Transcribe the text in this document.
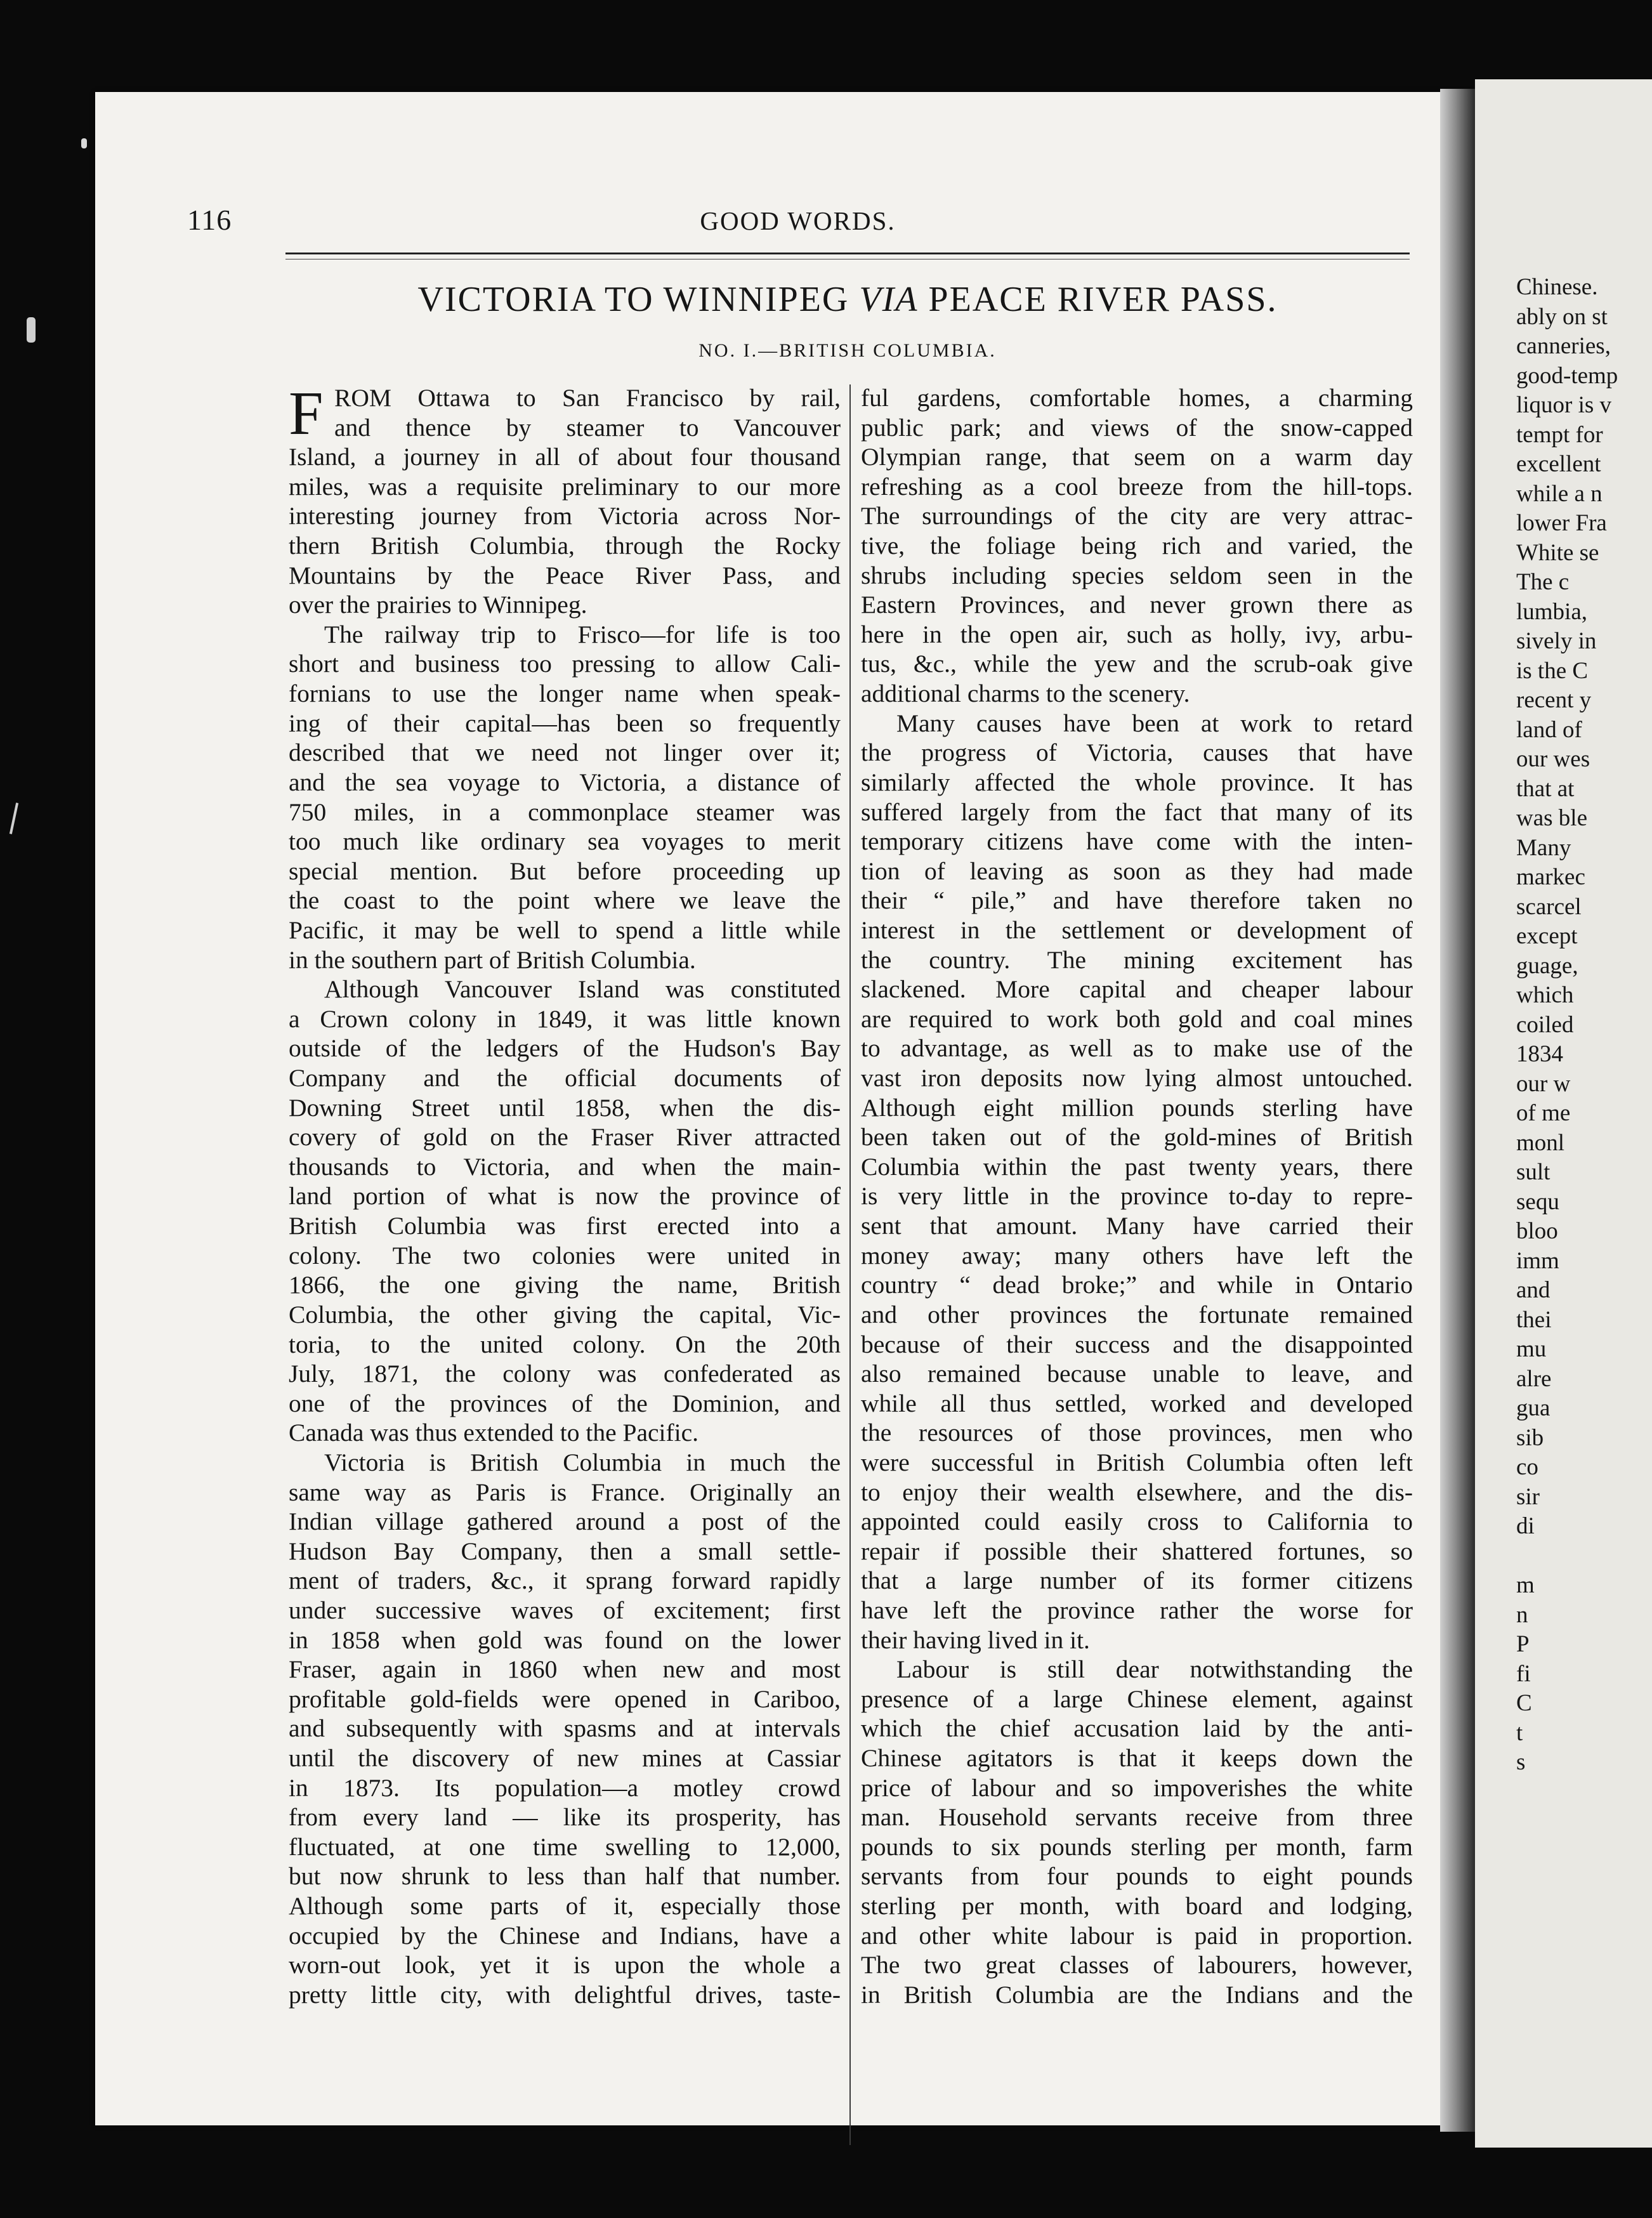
Chinese.
ably on st
canneries,
good-temp
liquor is v
tempt for
excellent
while a n
lower Fra
White se
The c
lumbia,
sively in
is the C
recent y
land of
our wes
that at
was ble
Many
markec
scarcel
except
guage,
which
coiled
1834
our w
of me
monl
sult
sequ
bloo
imm
and
thei
mu
alre
gua
sib
co
sir
di
m
n
P
fi
C
t
s
116	GOOD WORDS.
VICTORIA TO WINNIPEG VIA PEACE RIVER PASS.
NO. I.—BRITISH COLUMBIA.
F ROM Ottawa to San Francisco by rail,
and thence by steamer to Vancouver
Island, a journey in all of about four thousand
miles, was a requisite preliminary to our more
interesting journey from Victoria across Nor-
thern British Columbia, through the Rocky
Mountains by the Peace River Pass, and
over the prairies to Winnipeg.
The railway trip to Frisco—for life is too
short and business too pressing to allow Cali-
fornians to use the longer name when speak-
ing of their capital—has been so frequently
described that we need not linger over it;
and the sea voyage to Victoria, a distance of
750 miles, in a commonplace steamer was
too much like ordinary sea voyages to merit
special mention. But before proceeding up
the coast to the point where we leave the
Pacific, it may be well to spend a little while
in the southern part of British Columbia.
Although Vancouver Island was constituted
a Crown colony in 1849, it was little known
outside of the ledgers of the Hudson's Bay
Company and the official documents of
Downing Street until 1858, when the dis-
covery of gold on the Fraser River attracted
thousands to Victoria, and when the main-
land portion of what is now the province of
British Columbia was first erected into a
colony. The two colonies were united in
1866, the one giving the name, British
Columbia, the other giving the capital, Vic-
toria, to the united colony. On the 20th
July, 1871, the colony was confederated as
one of the provinces of the Dominion, and
Canada was thus extended to the Pacific.
Victoria is British Columbia in much the
same way as Paris is France. Originally an
Indian village gathered around a post of the
Hudson Bay Company, then a small settle-
ment of traders, &c., it sprang forward rapidly
under successive waves of excitement; first
in 1858 when gold was found on the lower
Fraser, again in 1860 when new and most
profitable gold-fields were opened in Cariboo,
and subsequently with spasms and at intervals
until the discovery of new mines at Cassiar
in 1873. Its population—a motley crowd
from every land — like its prosperity, has
fluctuated, at one time swelling to 12,000,
but now shrunk to less than half that number.
Although some parts of it, especially those
occupied by the Chinese and Indians, have a
worn-out look, yet it is upon the whole a
pretty little city, with delightful drives, taste-
ful gardens, comfortable homes, a charming
public park; and views of the snow-capped
Olympian range, that seem on a warm day
refreshing as a cool breeze from the hill-tops.
The surroundings of the city are very attrac-
tive, the foliage being rich and varied, the
shrubs including species seldom seen in the
Eastern Provinces, and never grown there as
here in the open air, such as holly, ivy, arbu-
tus, &c., while the yew and the scrub-oak give
additional charms to the scenery.
Many causes have been at work to retard
the progress of Victoria, causes that have
similarly affected the whole province. It has
suffered largely from the fact that many of its
temporary citizens have come with the inten-
tion of leaving as soon as they had made
their “ pile,” and have therefore taken no
interest in the settlement or development of
the country. The mining excitement has
slackened. More capital and cheaper labour
are required to work both gold and coal mines
to advantage, as well as to make use of the
vast iron deposits now lying almost untouched.
Although eight million pounds sterling have
been taken out of the gold-mines of British
Columbia within the past twenty years, there
is very little in the province to-day to repre-
sent that amount. Many have carried their
money away; many others have left the
country “ dead broke;” and while in Ontario
and other provinces the fortunate remained
because of their success and the disappointed
also remained because unable to leave, and
while all thus settled, worked and developed
the resources of those provinces, men who
were successful in British Columbia often left
to enjoy their wealth elsewhere, and the dis-
appointed could easily cross to California to
repair if possible their shattered fortunes, so
that a large number of its former citizens
have left the province rather the worse for
their having lived in it.
Labour is still dear notwithstanding the
presence of a large Chinese element, against
which the chief accusation laid by the anti-
Chinese agitators is that it keeps down the
price of labour and so impoverishes the white
man. Household servants receive from three
pounds to six pounds sterling per month, farm
servants from four pounds to eight pounds
sterling per month, with board and lodging,
and other white labour is paid in proportion.
The two great classes of labourers, however,
in British Columbia are the Indians and the
